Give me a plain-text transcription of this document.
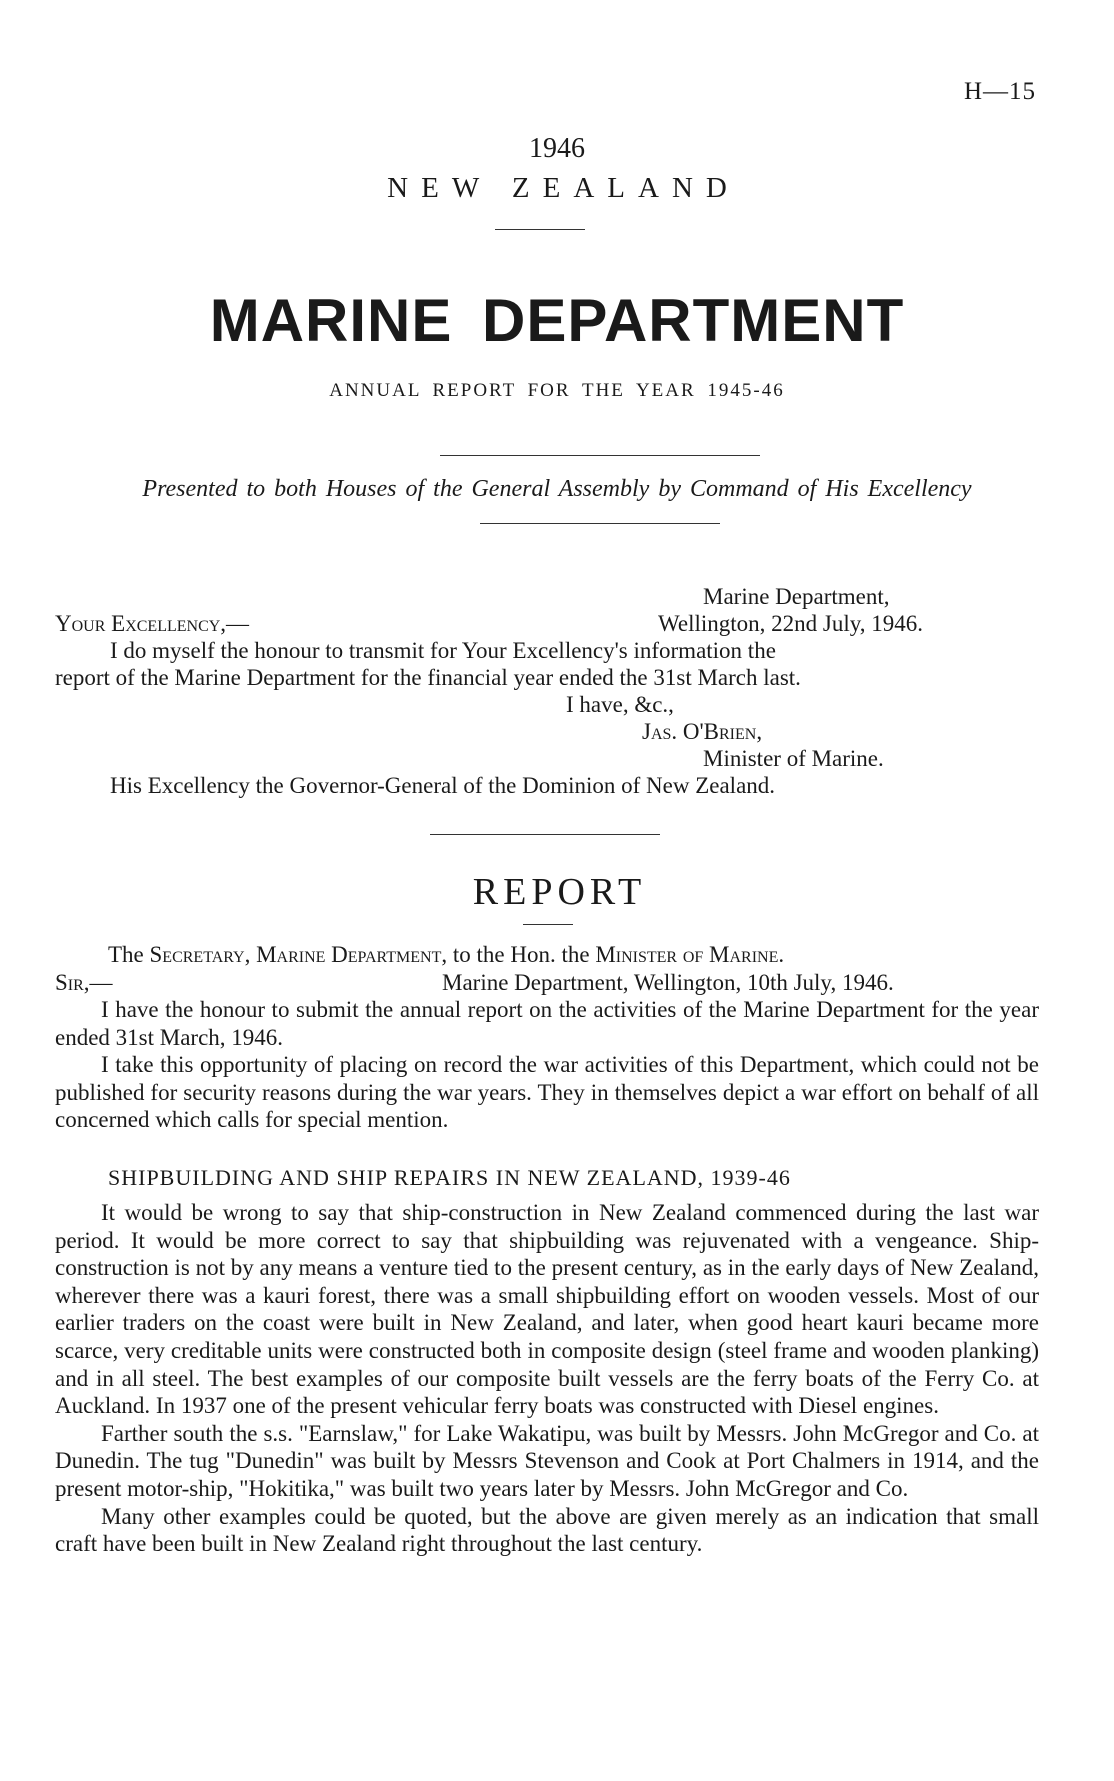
H—15
1946
NEW ZEALAND
MARINE DEPARTMENT
ANNUAL REPORT FOR THE YEAR 1945-46
Presented to both Houses of the General Assembly by Command of His Excellency
Marine Department,
Your Excellency,—	Wellington, 22nd July, 1946.
I do myself the honour to transmit for Your Excellency's information the
report of the Marine Department for the financial year ended the 31st March last.
I have, &c.,
Jas. O'Brien,
Minister of Marine.
His Excellency the Governor-General of the Dominion of New Zealand.
REPORT
The Secretary, Marine Department, to the Hon. the Minister of Marine.
Sir,—	Marine Department, Wellington, 10th July, 1946.

I have the honour to submit the annual report on the activities of the Marine Department for the year ended 31st March, 1946.

I take this opportunity of placing on record the war activities of this Department, which could not be published for security reasons during the war years. They in themselves depict a war effort on behalf of all concerned which calls for special mention.

SHIPBUILDING AND SHIP REPAIRS IN NEW ZEALAND, 1939-46

It would be wrong to say that ship-construction in New Zealand commenced during the last war period. It would be more correct to say that shipbuilding was rejuvenated with a vengeance. Ship-construction is not by any means a venture tied to the present century, as in the early days of New Zealand, wherever there was a kauri forest, there was a small shipbuilding effort on wooden vessels. Most of our earlier traders on the coast were built in New Zealand, and later, when good heart kauri became more scarce, very creditable units were constructed both in composite design (steel frame and wooden planking) and in all steel. The best examples of our composite built vessels are the ferry boats of the Ferry Co. at Auckland. In 1937 one of the present vehicular ferry boats was constructed with Diesel engines.

Farther south the s.s. "Earnslaw," for Lake Wakatipu, was built by Messrs. John McGregor and Co. at Dunedin. The tug "Dunedin" was built by Messrs Stevenson and Cook at Port Chalmers in 1914, and the present motor-ship, "Hokitika," was built two years later by Messrs. John McGregor and Co.

Many other examples could be quoted, but the above are given merely as an indication that small craft have been built in New Zealand right throughout the last century.
